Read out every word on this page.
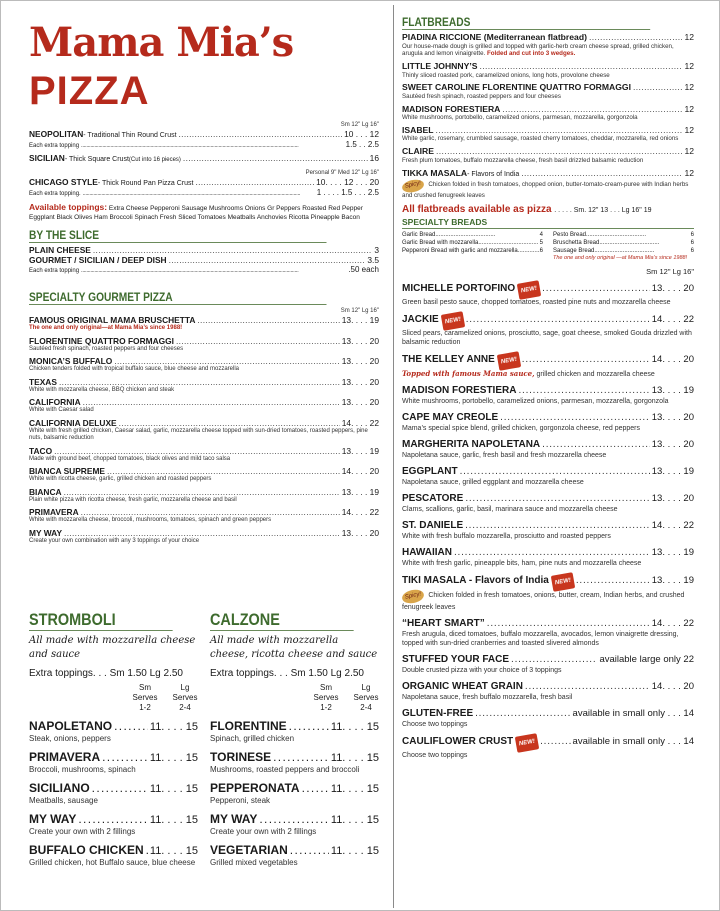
Mama Mia’s PIZZA
Sm 12" Lg 16"
NEOPOLITAN - Traditional Thin Round Crust . . .	10 . . . 12
Each extra topping . . .	1.5 . . 2.5
SICILIAN - Thick Square Crust (Cut into 16 pieces) . . .	16
Personal 9" Med 12" Lg 16"
CHICAGO STYLE - Thick Round Pan Pizza Crust . . .	10. . . . 12 . . . 20
Each extra topping. . . .	1 . . . . 1.5 . . . 2.5
Available toppings: Extra Cheese Pepperoni Sausage Mushrooms Onions Gr Peppers Roasted Red Pepper Eggplant Black Olives Ham Broccoli Spinach Fresh Sliced Tomatoes Meatballs Anchovies Ricotta Pineapple Bacon
BY THE SLICE
PLAIN CHEESE . . .	3
GOURMET / SICILIAN / DEEP DISH . . .	3.5
Each extra topping . . .	.50 each
SPECIALTY GOURMET PIZZA
Sm 12" Lg 16"
FAMOUS ORIGINAL MAMA BRUSCHETTA . . .	13. . . . 19
The one and only original—at Mama Mia’s since 1988!
FLORENTINE QUATTRO FORMAGGI . . .	13. . . . 20
Sautéed fresh spinach, roasted peppers and four cheeses
MONICA’S BUFFALO . . .	13. . . . 20
Chicken tenders folded with tropical buffalo sauce, blue cheese and mozzarella
TEXAS . . .	13. . . . 20
White with mozzarella cheese, BBQ chicken and steak
CALIFORNIA . . .	13. . . . 20
White with Caesar salad
CALIFORNIA DELUXE . . .	14. . . . 22
White with fresh grilled chicken, Caesar salad, garlic, mozzarella cheese topped with sun-dried tomatoes, roasted peppers, pine nuts, balsamic reduction
TACO . . .	13. . . . 19
Made with ground beef, chopped tomatoes, black olives and mild taco salsa
BIANCA SUPREME . . .	14. . . . 20
White with ricotta cheese, garlic, grilled chicken and roasted peppers
BIANCA . . .	13. . . . 19
Plain white pizza with ricotta cheese, fresh garlic, mozzarella cheese and basil
PRIMAVERA . . .	14. . . . 22
White with mozzarella cheese, broccoli, mushrooms, tomatoes, spinach and green peppers
MY WAY . . .	13. . . . 20
Create your own combination with any 3 toppings of your choice
STROMBOLI

All made with mozzarella cheese and sauce

Extra toppings. . . Sm 1.50 Lg 2.50
Sm
Serves
1-2
Lg
Serves
2-4
NAPOLETANO . . .	11. . . . 15
Steak, onions, peppers
PRIMAVERA . . .	11. . . . 15
Broccoli, mushrooms, spinach
SICILIANO . . .	11. . . . 15
Meatballs, sausage
MY WAY . . .	11. . . . 15
Create your own with 2 fillings
BUFFALO CHICKEN . . . 11. . . . 15
Grilled chicken, hot Buffalo sauce, blue cheese
CALZONE

All made with mozzarella cheese, ricotta cheese and sauce

Extra toppings. . . Sm 1.50 Lg 2.50
Sm
Serves
1-2
Lg
Serves
2-4
FLORENTINE . . .	11. . . . 15
Spinach, grilled chicken
TORINESE . . .	11. . . . 15
Mushrooms, roasted peppers and broccoli
PEPPERONATA . . .	11. . . . 15
Pepperoni, steak
MY WAY . . .	11. . . . 15
Create your own with 2 fillings
VEGETARIAN . . .	11. . . . 15
Grilled mixed vegetables
FLATBREADS
PIADINA RICCIONE (Mediterranean flatbread) . . .	12
Our house-made dough is grilled and topped with garlic-herb cream cheese spread, grilled chicken, arugula and lemon vinaigrette. Folded and cut into 3 wedges.
LITTLE JOHNNY’S . . .	12
Thinly sliced roasted pork, caramelized onions, long hots, provolone cheese
SWEET CAROLINE FLORENTINE QUATTRO FORMAGGI . . .	12
Sautéed fresh spinach, roasted peppers and four cheeses
MADISON FORESTIERA . . .	12
White mushrooms, portobello, caramelized onions, parmesan, mozzarella, gorgonzola
ISABEL . . .	12
White garlic, rosemary, crumbled sausage, roasted cherry tomatoes, cheddar, mozzarella, red onions
CLAIRE . . .	12
Fresh plum tomatoes, buffalo mozzarella cheese, fresh basil drizzled balsamic reduction
TIKKA MASALA - Flavors of India . . .	12
Spicy! Chicken folded in fresh tomatoes, chopped onion, butter-tomato-cream-puree with Indian herbs and crushed fenugreek leaves
All flatbreads available as pizza . . . . . Sm. 12" 13 . . . Lg 16" 19
SPECIALTY BREADS
Garlic Bread .....	4
Garlic Bread with mozzarella .....	5
Pepperoni Bread with garlic and mozzarella .....	6
Pesto Bread .....	6
Bruschetta Bread .....	6
Sausage Bread .....	6
The one and only original —at Mama Mia’s since 1988!
Sm 12" Lg 16"
MICHELLE PORTOFINO NEW! . . .	13. . . . 20
Green basil pesto sauce, chopped tomatoes, roasted pine nuts and mozzarella cheese
JACKIE NEW! . . .	14. . . . 22
Sliced pears, caramelized onions, prosciutto, sage, goat cheese, smoked Gouda drizzled with balsamic reduction
THE KELLEY ANNE NEW! . . .	14. . . . 20
Topped with famous Mama sauce, grilled chicken and mozzarella cheese
MADISON FORESTIERA . . .	13. . . . 19
White mushrooms, portobello, caramelized onions, parmesan, mozzarella, gorgonzola
CAPE MAY CREOLE . . .	13. . . . 20
Mama’s special spice blend, grilled chicken, gorgonzola cheese, red peppers
MARGHERITA NAPOLETANA . . .	13. . . . 20
Napoletana sauce, garlic, fresh basil and fresh mozzarella cheese
EGGPLANT . . .	13. . . . 19
Napoletana sauce, grilled eggplant and mozzarella cheese
PESCATORE . . .	13. . . . 20
Clams, scallions, garlic, basil, marinara sauce and mozzarella cheese
ST. DANIELE . . .	14. . . . 22
White with fresh buffalo mozzarella, prosciutto and roasted peppers
HAWAIIAN . . .	13. . . . 19
White with fresh garlic, pineapple bits, ham, pine nuts and mozzarella cheese
TIKI MASALA - Flavors of India NEW! . . .	13. . . . 19
Spicy! Chicken folded in fresh tomatoes, onions, butter, cream, Indian herbs, and crushed fenugreek leaves
“HEART SMART” . . .	14. . . . 22
Fresh arugula, diced tomatoes, buffalo mozzarella, avocados, lemon vinaigrette dressing, topped with sun-dried cranberries and toasted slivered almonds
STUFFED YOUR FACE . . .	available large only 22
Double crusted pizza with your choice of 3 toppings
ORGANIC WHEAT GRAIN . . .	14. . . . 20
Napoletana sauce, fresh buffalo mozzarella, fresh basil
GLUTEN-FREE . . .	available in small only . . . 14
Choose two toppings
CAULIFLOWER CRUST NEW! . . .	available in small only . . . 14
Choose two toppings
